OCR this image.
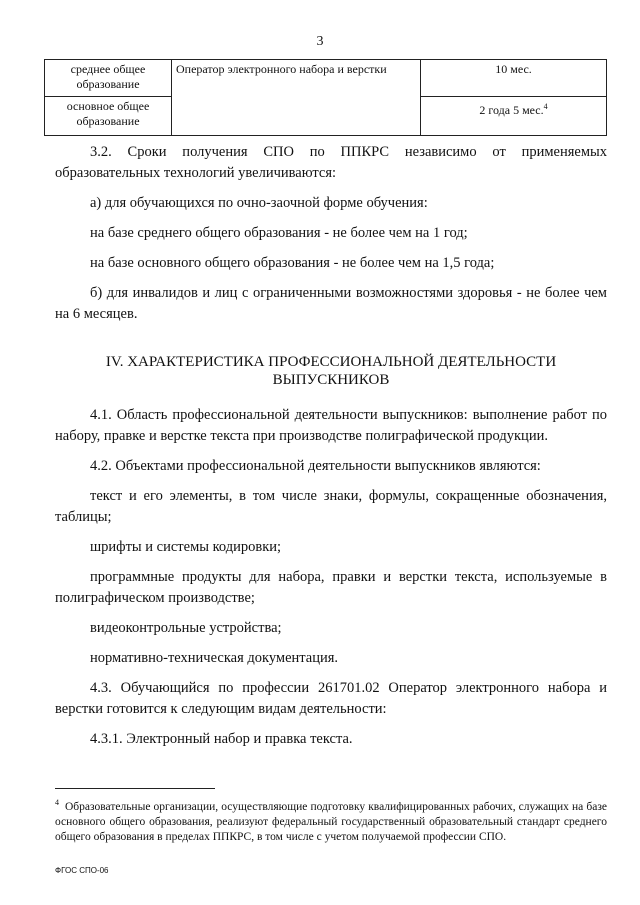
3
среднее общее образование	Оператор электронного набора и верстки	10 мес.
основное общее образование		2 года 5 мес.$^4$

3.2. Сроки получения СПО по ППКРС независимо от применяемых образовательных технологий увеличиваются:

а) для обучающихся по очно-заочной форме обучения:

на базе среднего общего образования - не более чем на 1 год;

на базе основного общего образования - не более чем на 1,5 года;

б) для инвалидов и лиц с ограниченными возможностями здоровья - не более чем на 6 месяцев.

IV. ХАРАКТЕРИСТИКА ПРОФЕССИОНАЛЬНОЙ ДЕЯТЕЛЬНОСТИ
ВЫПУСКНИКОВ

4.1. Область профессиональной деятельности выпускников: выполнение работ по набору, правке и верстке текста при производстве полиграфической продукции.

4.2. Объектами профессиональной деятельности выпускников являются:

текст и его элементы, в том числе знаки, формулы, сокращенные обозначения, таблицы;

шрифты и системы кодировки;

программные продукты для набора, правки и верстки текста, используемые в полиграфическом производстве;

видеоконтрольные устройства;

нормативно-техническая документация.

4.3. Обучающийся по профессии 261701.02 Оператор электронного набора и верстки готовится к следующим видам деятельности:

4.3.1. Электронный набор и правка текста.

$^4$ Образовательные организации, осуществляющие подготовку квалифицированных рабочих, служащих на базе основного общего образования, реализуют федеральный государственный образовательный стандарт среднего общего образования в пределах ППКРС, в том числе с учетом получаемой профессии СПО.
ФГОС СПО-06
